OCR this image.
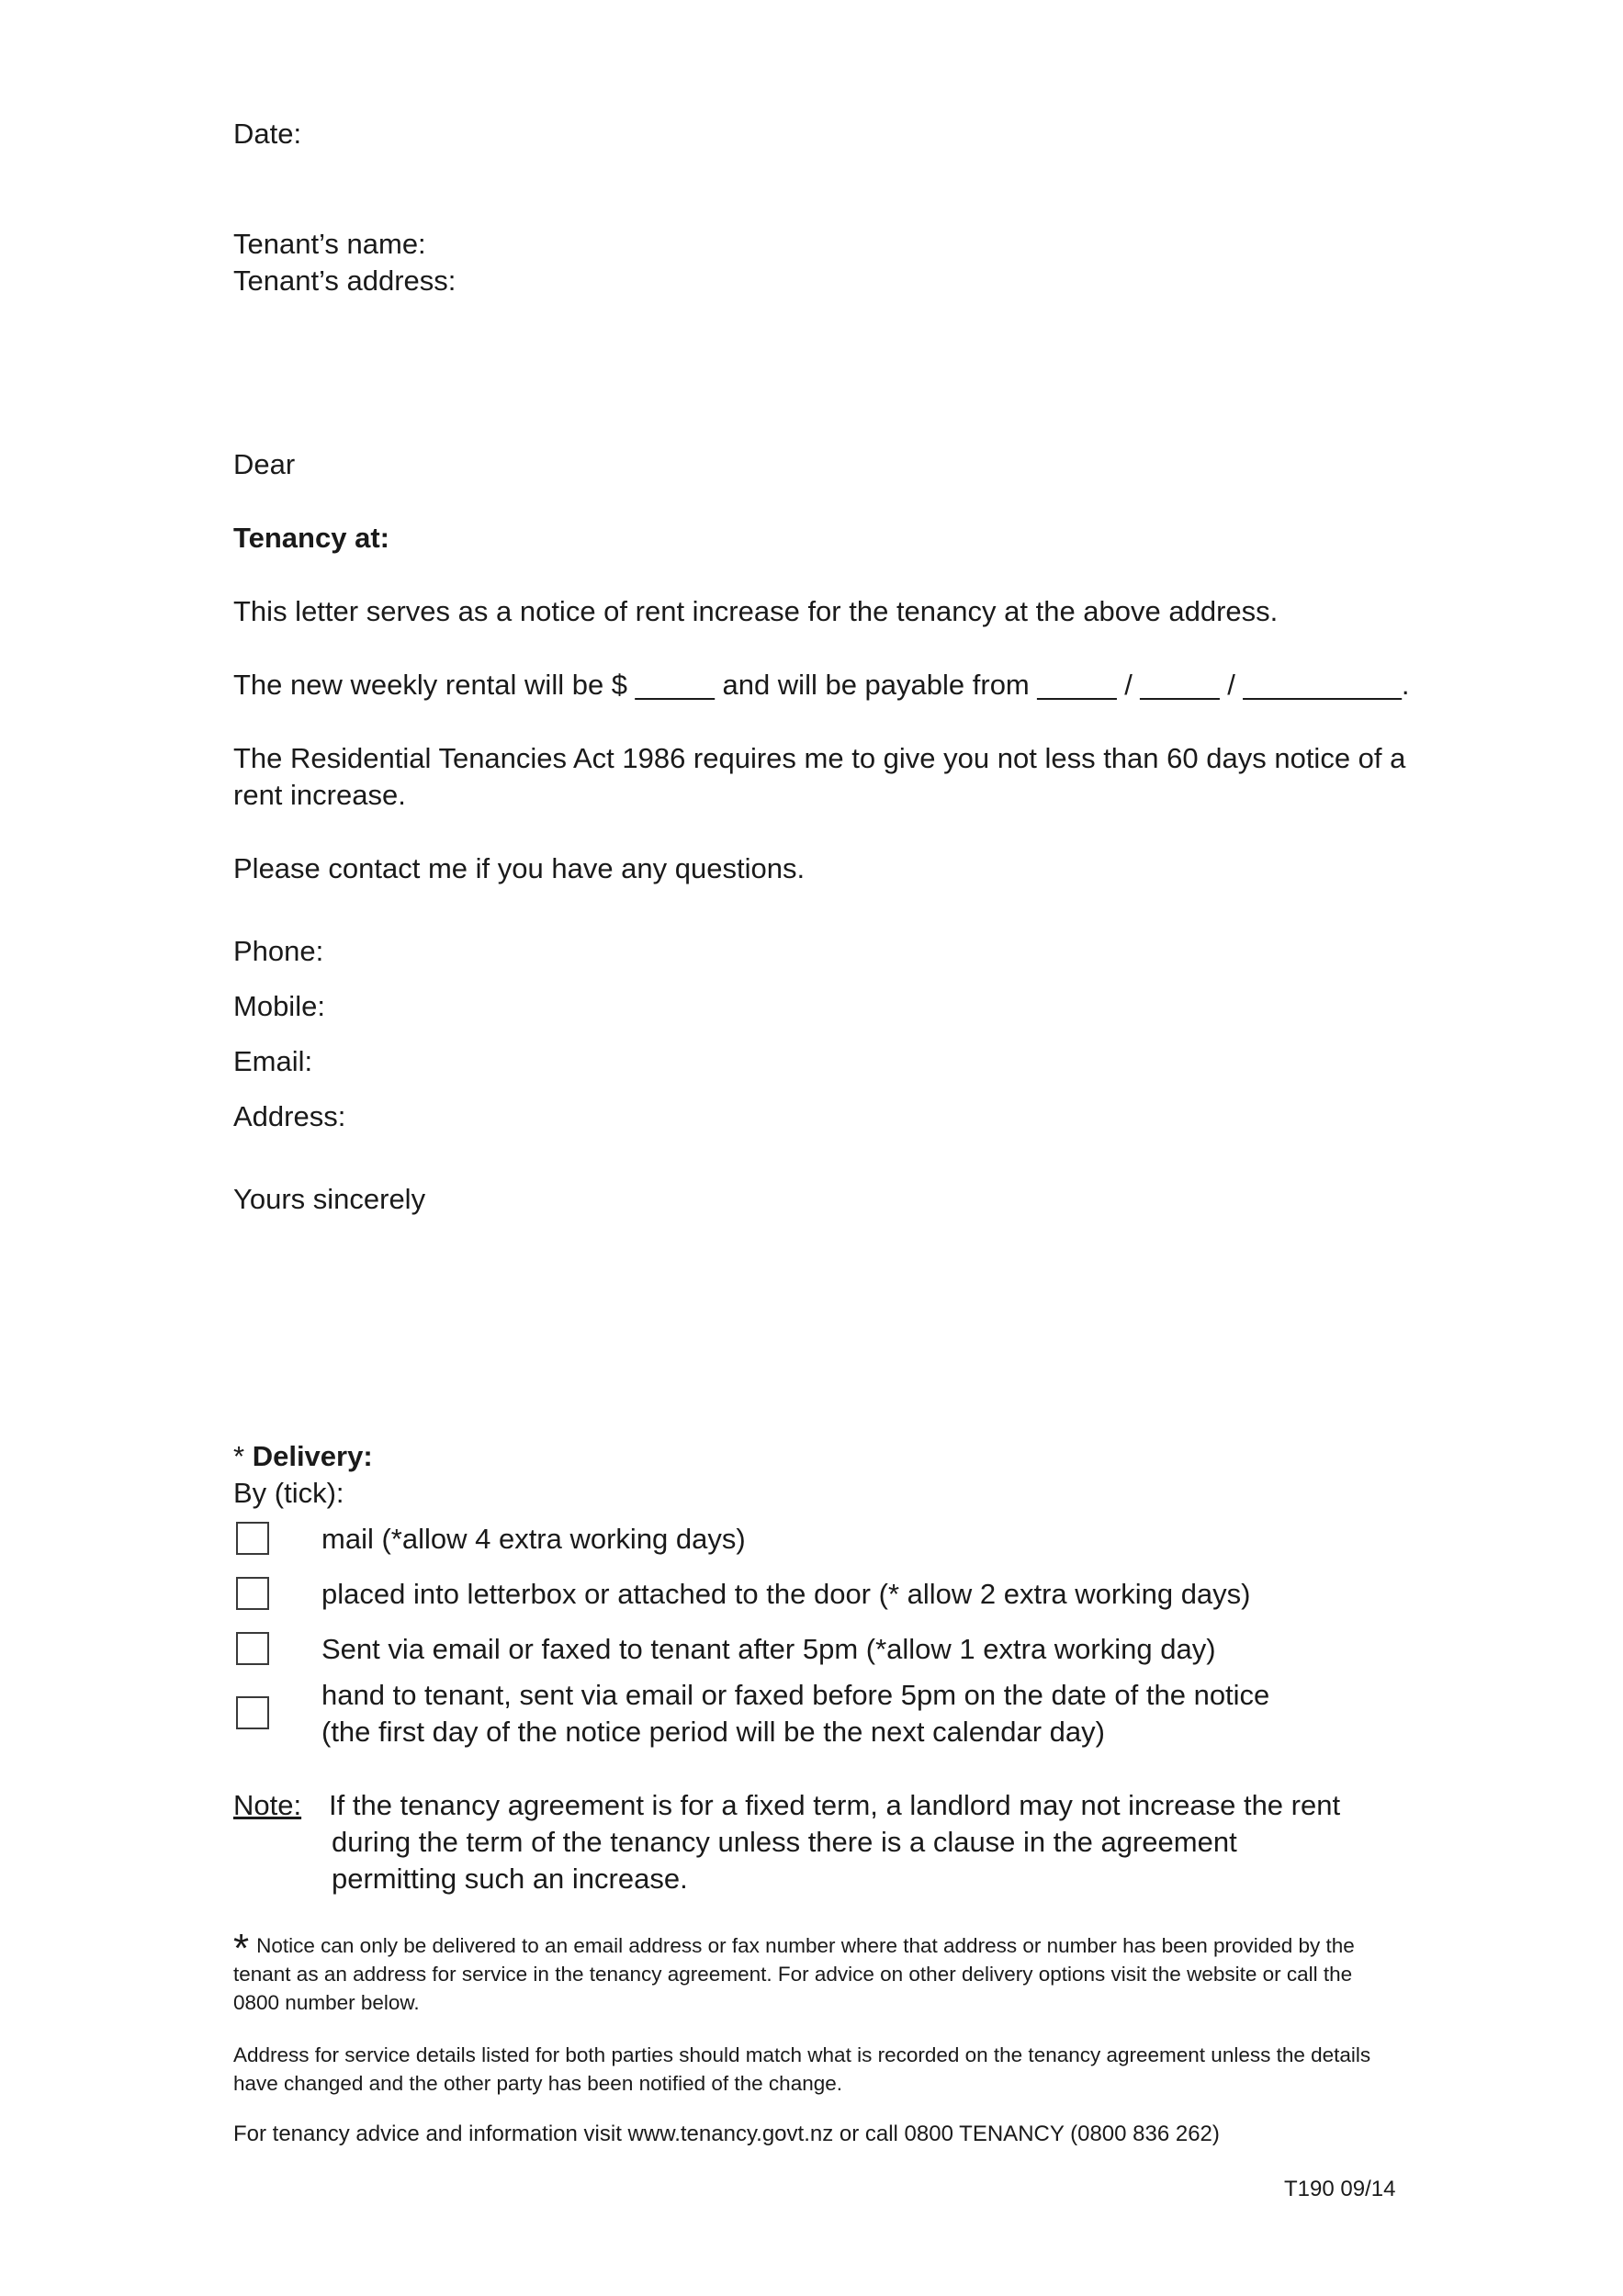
Date:
Tenant’s name:
Tenant’s address:
Dear
Tenancy at:
This letter serves as a notice of rent increase for the tenancy at the above address.
The new weekly rental will be $ _____ and will be payable from _____ / _____ / __________.
The Residential Tenancies Act 1986 requires me to give you not less than 60 days notice of a
rent increase.
Please contact me if you have any questions.
Phone:
Mobile:
Email:
Address:
Yours sincerely
* Delivery:
By (tick):
mail (*allow 4 extra working days)
placed into letterbox or attached to the door (* allow 2 extra working days)
Sent via email or faxed to tenant after 5pm (*allow 1 extra working day)
hand to tenant, sent via email or faxed before 5pm on the date of the notice
(the first day of the notice period will be the next calendar day)
Note: If the tenancy agreement is for a fixed term, a landlord may not increase the rent
during the term of the tenancy unless there is a clause in the agreement
permitting such an increase.
* Notice can only be delivered to an email address or fax number where that address or number has been provided by the tenant as an address for service in the tenancy agreement. For advice on other delivery options visit the website or call the 0800 number below.
Address for service details listed for both parties should match what is recorded on the tenancy agreement unless the details have changed and the other party has been notified of the change.
For tenancy advice and information visit www.tenancy.govt.nz or call 0800 TENANCY (0800 836 262)
T190 09/14
